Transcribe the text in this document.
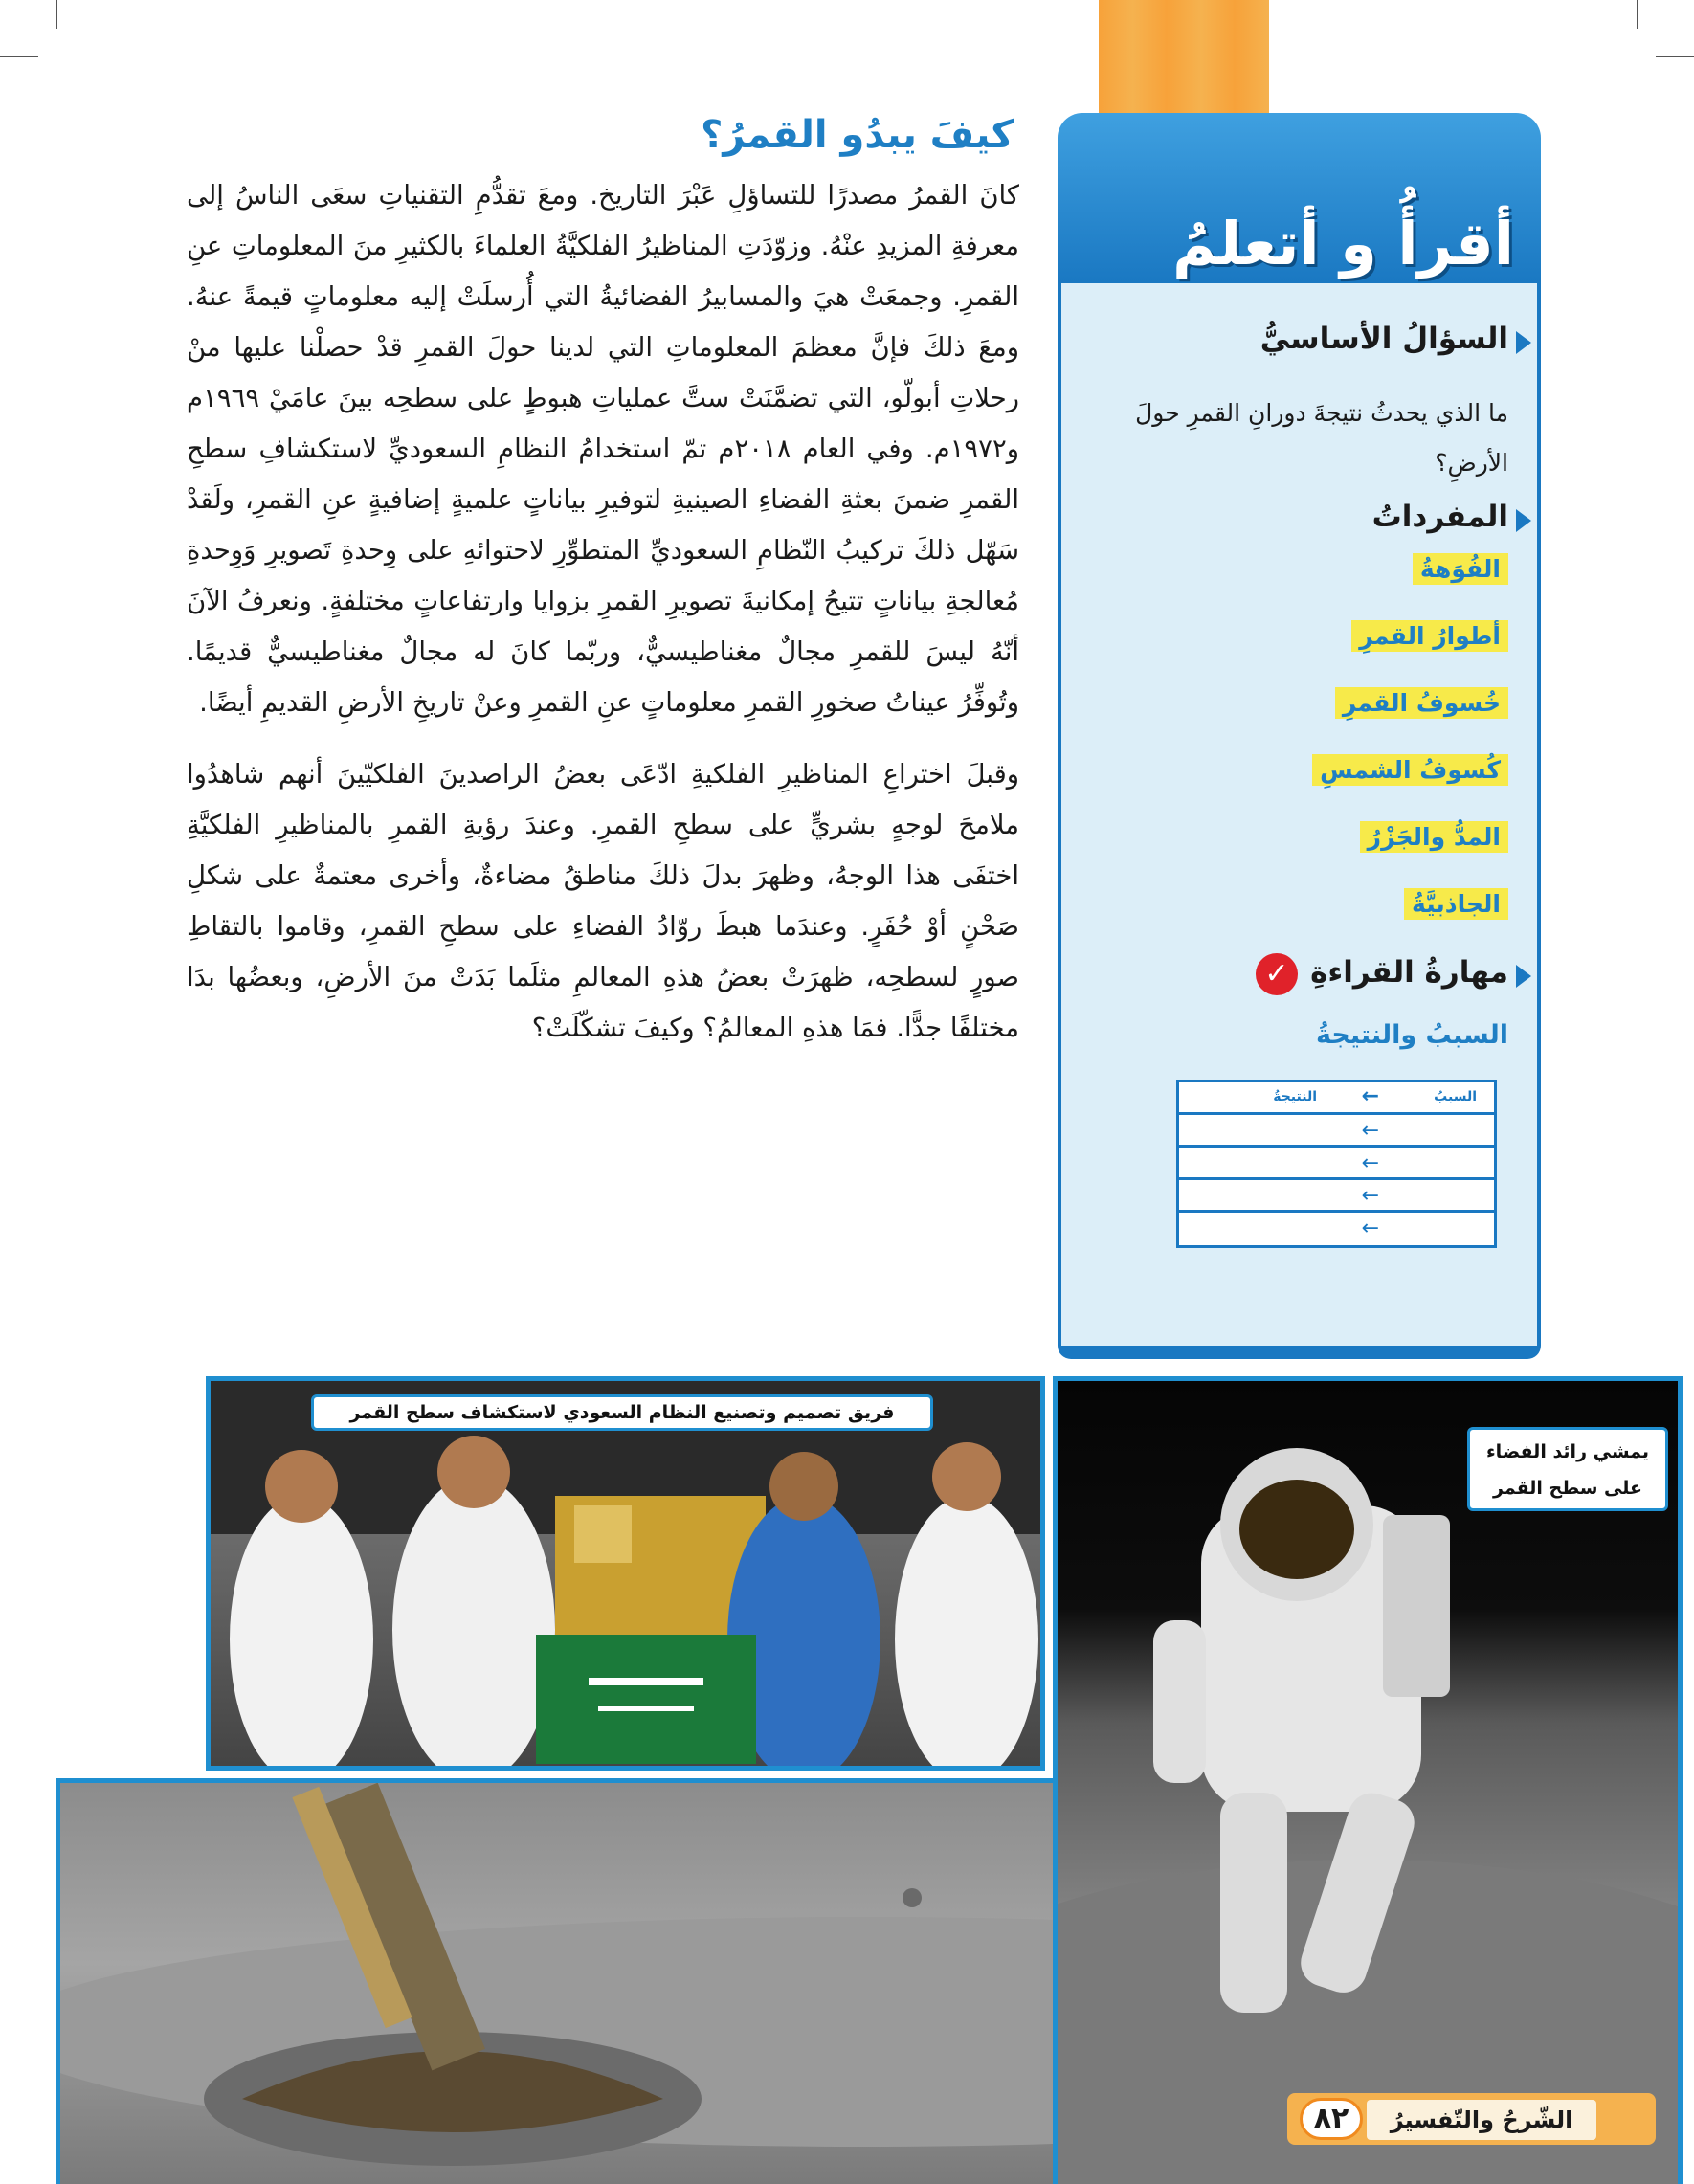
كيفَ يبدُو القمرُ؟

كانَ القمرُ مصدرًا للتساؤلِ عَبْرَ التاريخ. ومعَ تقدُّمِ التقنياتِ سعَى الناسُ إلى معرفةِ المزيدِ عنْهُ. وزوّدَتِ المناظيرُ الفلكيَّةُ العلماءَ بالكثيرِ منَ المعلوماتِ عنِ القمرِ. وجمعَتْ هيَ والمسابيرُ الفضائيةُ التي أُرسلَتْ إليه معلوماتٍ قيمةً عنهُ. ومعَ ذلكَ فإنَّ معظمَ المعلوماتِ التي لدينا حولَ القمرِ قدْ حصلْنا عليها منْ رحلاتِ أبولّو، التي تضمَّنَتْ ستَّ عملياتِ هبوطٍ على سطحِه بينَ عامَيْ ١٩٦٩م و١٩٧٢م. وفي العام ٢٠١٨م تمّ استخدامُ النظامِ السعوديِّ لاستكشافِ سطحِ القمرِ ضمنَ بعثةِ الفضاءِ الصينيةِ لتوفيرِ بياناتٍ علميةٍ إضافيةٍ عنِ القمرِ، ولَقدْ سَهّل ذلكَ تركيبُ النّظامِ السعوديِّ المتطوِّرِ لاحتوائهِ على وِحدةِ تَصويرِ وَوِحدةِ مُعالجةِ بياناتٍ تتيحُ إمكانيةَ تصويرِ القمرِ بزوايا وارتفاعاتٍ مختلفةٍ. ونعرفُ الآنَ أنّهُ ليسَ للقمرِ مجالٌ مغناطيسيٌّ، وربّما كانَ له مجالٌ مغناطيسيٌّ قديمًا. وتُوفِّرُ عيناتُ صخورِ القمرِ معلوماتٍ عنِ القمرِ وعنْ تاريخِ الأرضِ القديمِ أيضًا.

وقبلَ اختراعِ المناظيرِ الفلكيةِ ادّعَى بعضُ الراصدينَ الفلكيّينَ أنهم شاهدُوا ملامحَ لوجهٍ بشريٍّ على سطحِ القمرِ. وعندَ رؤيةِ القمرِ بالمناظيرِ الفلكيَّةِ اختفَى هذا الوجهُ، وظهرَ بدلَ ذلكَ مناطقُ مضاءةٌ، وأخرى معتمةٌ على شكلِ صَحْنٍ أوْ حُفَرٍ. وعندَما هبطَ روّادُ الفضاءِ على سطحِ القمرِ، وقاموا بالتقاطِ صورٍ لسطحِه، ظهرَتْ بعضُ هذهِ المعالمِ مثلَما بَدَتْ منَ الأرضِ، وبعضُها بدَا مختلفًا جدًّا. فمَا هذهِ المعالمُ؟ وكيفَ تشكّلَتْ؟

أقرأُ و أتعلمُ
السؤالُ الأساسيُّ
ما الذي يحدثُ نتيجةَ دورانِ القمرِ حولَ الأرضِ؟
المفرداتُ
الفُوَهةُ
أطوارُ القمرِ
خُسوفُ القمرِ
كُسوفُ الشمسِ
المدُّ والجَزْرُ
الجاذبيَّةُ
مهارةُ القراءةِ
✓
السببُ والنتيجةُ
السببُ
←
النتيجةُ
←
←
←
←
فريق تصميم وتصنيع النظام السعودي لاستكشاف سطح القمر
يمشي رائد الفضاء
على سطح القمر
الشّرحُ والتّفسيرُ
٨٢
